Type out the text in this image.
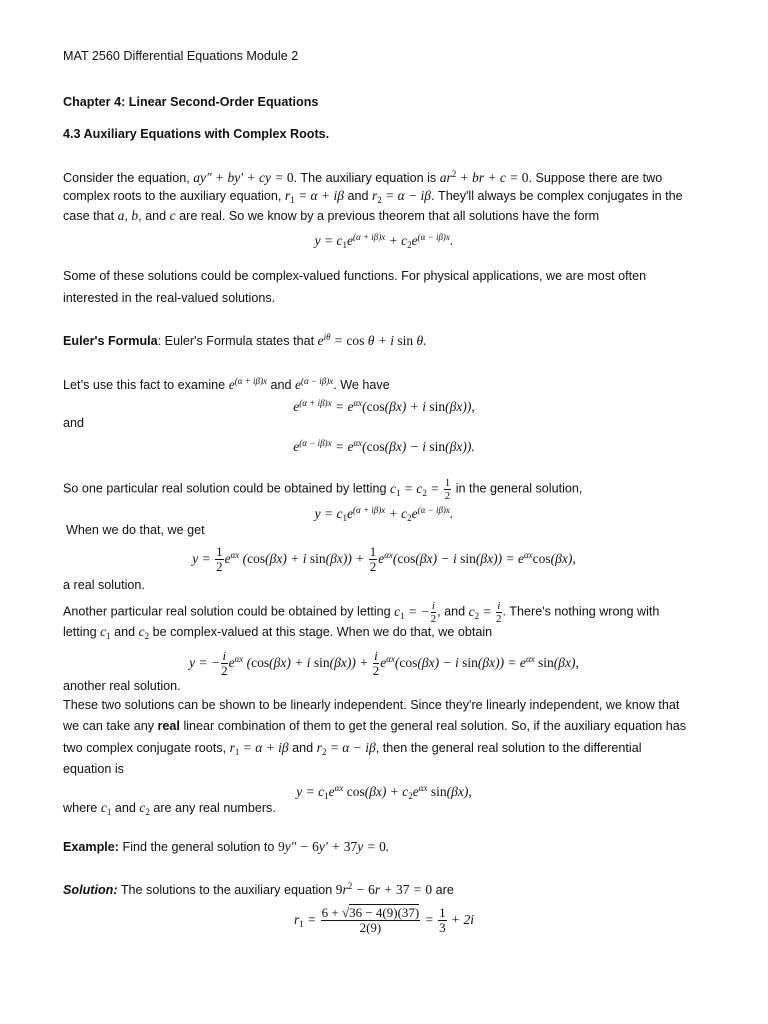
MAT 2560 Differential Equations Module 2
Chapter 4: Linear Second-Order Equations
4.3 Auxiliary Equations with Complex Roots.
Consider the equation, ay″ + by′ + cy = 0. The auxiliary equation is $ar^2$ + br + c = 0. Suppose there are two
complex roots to the auxiliary equation, $r_1 = \alpha + i\beta$ and $r_2 = \alpha - i\beta$. They'll always be complex conjugates in the
case that a, b, and c are real. So we know by a previous theorem that all solutions have the form
$y = c_1e^{(\alpha + i\beta)x} + c_2e^{(\alpha - i\beta)x}$.
Some of these solutions could be complex-valued functions. For physical applications, we are most often
interested in the real-valued solutions.
Euler's Formula: Euler's Formula states that $e^{i\theta} = \cos \theta + i$ sin θ.
Let’s use this fact to examine $e^{(\alpha + i\beta)x}$ and $e^{(\alpha - i\beta)x}$. We have
$e^{(\alpha + i\beta)x} = e^{\alpha x}(\cos(\beta x) + i$ sin(βx)),
and
$e^{(\alpha - i\beta)x} = e^{\alpha x}(\cos(\beta x) - i$ sin(βx)).
So one particular real solution could be obtained by letting $c_1 = c_2 = \frac{1}{2}$ in the general solution,
$y = c_1e^{(\alpha + i\beta)x} + c_2e^{(\alpha - i\beta)x}$.
When we do that, we get
$y = \frac{1}{2} e^{\alpha x}$ (cos(βx) + i $\sin(\beta x)) + \frac{1}{2} e^{\alpha x}(\cos(\beta x) - i$ $\sin(\beta x)) = e^{\alpha x}\cos(\beta x)$,
a real solution.
Another particular real solution could be obtained by letting $c_1$ = − $\frac{i}{2}$ , and $c_2 = \frac{i}{2}$ . There's nothing wrong with
letting $c_1$ and $c_2$ be complex-valued at this stage. When we do that, we obtain
y = − $\frac{i}{2} e^{\alpha x}$ (cos(βx) + i $\sin(\beta x)) + \frac{i}{2} e^{\alpha x}(\cos(\beta x) - i$ $\sin(\beta x)) = e^{\alpha x}$ sin(βx),
another real solution.
These two solutions can be shown to be linearly independent. Since they're linearly independent, we know that
we can take any real linear combination of them to get the general real solution. So, if the auxiliary equation has
two complex conjugate roots, $r_1 = \alpha + i\beta$ and $r_2 = \alpha - i\beta$, then the general real solution to the differential
equation is
$y = c_1e^{\alpha x}$ $\cos(\beta x) + c_2e^{\alpha x}$ sin(βx),
where $c_1$ and $c_2$ are any real numbers.
Example: Find the general solution to 9y″ − 6y′ + 37y = 0.
Solution: The solutions to the auxiliary equation $9r^2 - 6r + 37 = 0$ are
$r_1 = \frac{6 + √36 - 4(9)(37)}{2(9)} = \frac{1}{3} + 2i$
